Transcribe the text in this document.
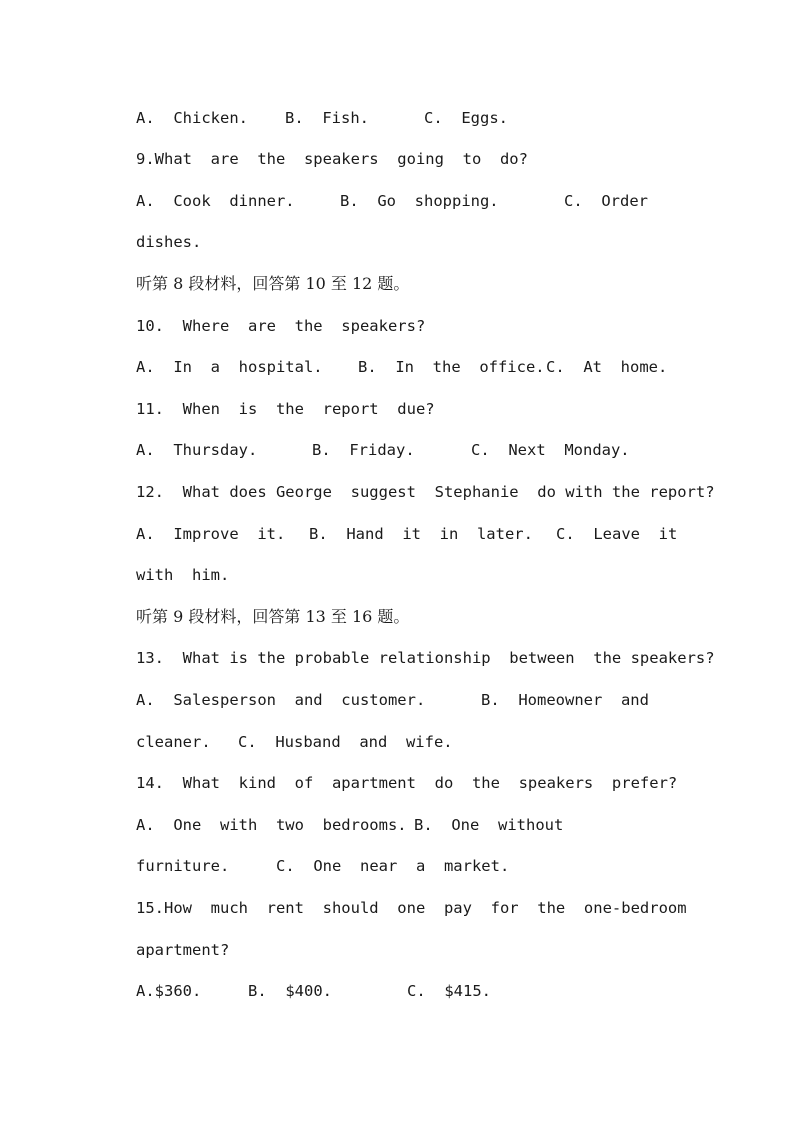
A.  Chicken.

B.  Fish.

	C.  Eggs.

9.What  are  the  speakers  going  to  do?

A.  Cook  dinner.

	B.  Go  shopping.

	C.  Order

dishes.
听第 8 段材料，回答第 10 至 12 题。
10.  Where  are  the  speakers?

A.  In  a  hospital.

B.  In  the  office.

C.  At  home.

11.  When  is  the  report  due?

A.  Thursday.

	B.  Friday.

	C.  Next  Monday.

12.  What does George  suggest  Stephanie  do with the report?

A.  Improve  it.

B.  Hand  it  in  later.

C.  Leave  it

with  him.
听第 9 段材料，回答第 13 至 16 题。
13.  What is the probable relationship  between  the speakers?

A.  Salesperson  and  customer.

	B.  Homeowner  and

cleaner.

C.  Husband  and  wife.

14.  What  kind  of  apartment  do  the  speakers  prefer?

A.  One  with  two  bedrooms.

B.  One  without

furniture.

	C.  One  near  a  market.

15.How  much  rent  should  one  pay  for  the  one-bedroom
apartment?

A.$360.

	B.  $400.

	C.  $415.
